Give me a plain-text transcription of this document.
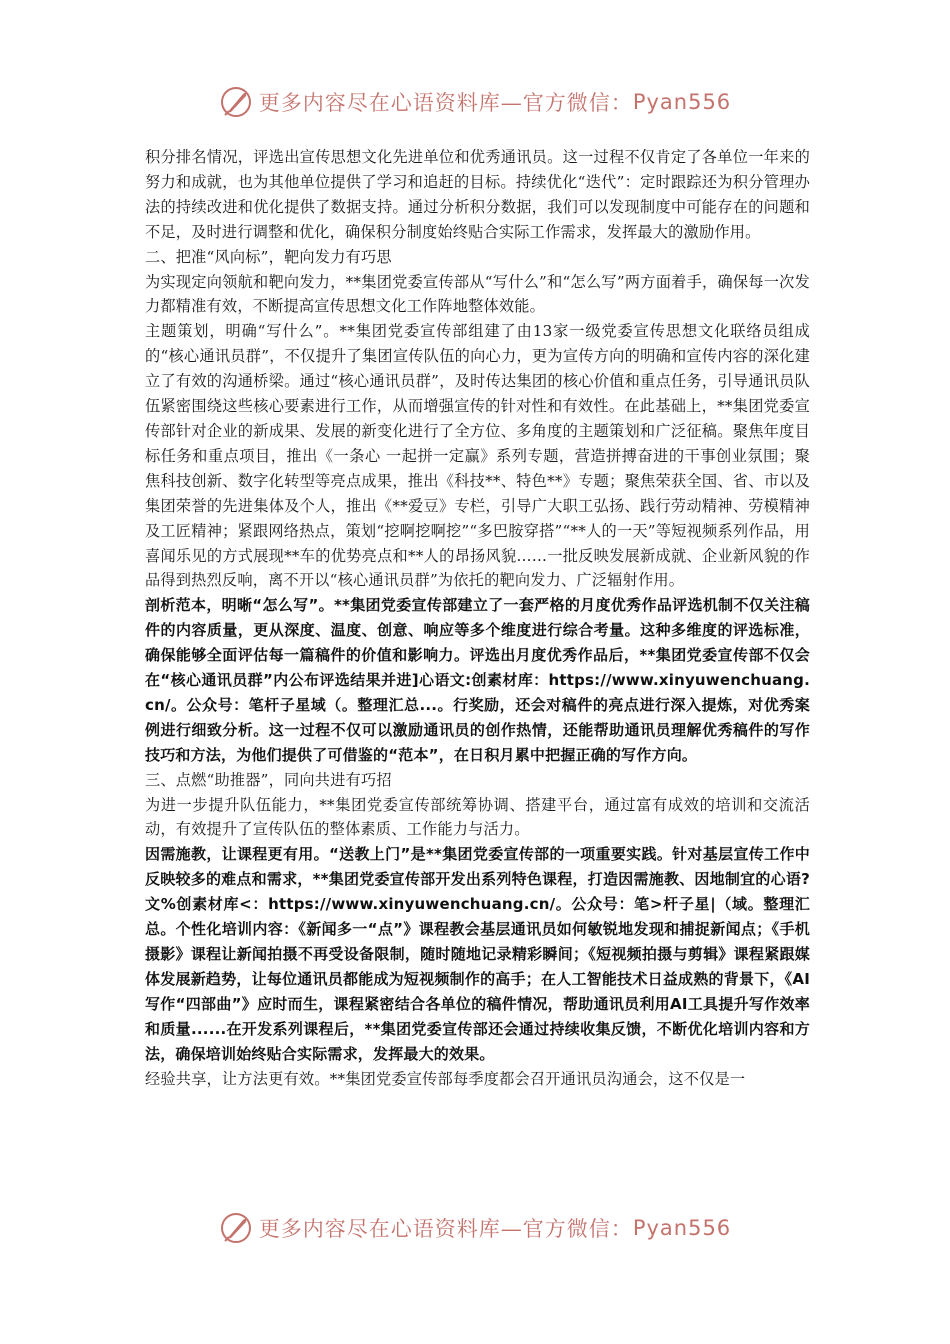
更多内容尽在心语资料库—官方微信： Pyan556

积分排名情况，评选出宣传思想文化先进单位和优秀通讯员。这一过程不仅肯定了各单位一年来的努力和成就，也为其他单位提供了学习和追赶的目标。持续优化“迭代”：定时跟踪还为积分管理办法的持续改进和优化提供了数据支持。通过分析积分数据，我们可以发现制度中可能存在的问题和不足，及时进行调整和优化，确保积分制度始终贴合实际工作需求，发挥最大的激励作用。

二、把准“风向标”，靶向发力有巧思

为实现定向领航和靶向发力，**集团党委宣传部从“写什么”和“怎么写”两方面着手，确保每一次发力都精准有效，不断提高宣传思想文化工作阵地整体效能。

主题策划，明确“写什么”。**集团党委宣传部组建了由13家一级党委宣传思想文化联络员组成的“核心通讯员群”，不仅提升了集团宣传队伍的向心力，更为宣传方向的明确和宣传内容的深化建立了有效的沟通桥梁。通过“核心通讯员群”，及时传达集团的核心价值和重点任务，引导通讯员队伍紧密围绕这些核心要素进行工作，从而增强宣传的针对性和有效性。在此基础上，**集团党委宣传部针对企业的新成果、发展的新变化进行了全方位、多角度的主题策划和广泛征稿。聚焦年度目标任务和重点项目，推出《一条心 一起拼一定赢》系列专题，营造拼搏奋进的干事创业氛围；聚焦科技创新、数字化转型等亮点成果，推出《科技**、特色**》专题；聚焦荣获全国、省、市以及集团荣誉的先进集体及个人，推出《**爱豆》专栏，引导广大职工弘扬、践行劳动精神、劳模精神及工匠精神；紧跟网络热点，策划“挖啊挖啊挖”“多巴胺穿搭”“**人的一天”等短视频系列作品，用喜闻乐见的方式展现**车的优势亮点和**人的昂扬风貌……一批反映发展新成就、企业新风貌的作品得到热烈反响，离不开以“核心通讯员群”为依托的靶向发力、广泛辐射作用。

剖析范本，明晰“怎么写”。**集团党委宣传部建立了一套严格的月度优秀作品评选机制不仅关注稿件的内容质量，更从深度、温度、创意、响应等多个维度进行综合考量。这种多维度的评选标准，确保能够全面评估每一篇稿件的价值和影响力。评选出月度优秀作品后，**集团党委宣传部不仅会在“核心通讯员群”内公布评选结果并进]心语文:创素材库：https://www.xinyuwenchuang.cn/。公众号：笔杆子星域（。整理汇总...。行奖励，还会对稿件的亮点进行深入提炼，对优秀案例进行细致分析。这一过程不仅可以激励通讯员的创作热情，还能帮助通讯员理解优秀稿件的写作技巧和方法，为他们提供了可借鉴的“范本”，在日积月累中把握正确的写作方向。

三、点燃“助推器”，同向共进有巧招

为进一步提升队伍能力，**集团党委宣传部统筹协调、搭建平台，通过富有成效的培训和交流活动，有效提升了宣传队伍的整体素质、工作能力与活力。

因需施教，让课程更有用。“送教上门”是**集团党委宣传部的一项重要实践。针对基层宣传工作中反映较多的难点和需求，**集团党委宣传部开发出系列特色课程，打造因需施教、因地制宜的心语?文%创素材库<：https://www.xinyuwenchuang.cn/。公众号：笔>杆子星|（域。整理汇总。个性化培训内容：《新闻多一“点”》课程教会基层通讯员如何敏锐地发现和捕捉新闻点；《手机摄影》课程让新闻拍摄不再受设备限制，随时随地记录精彩瞬间；《短视频拍摄与剪辑》课程紧跟媒体发展新趋势，让每位通讯员都能成为短视频制作的高手；在人工智能技术日益成熟的背景下，《AI写作“四部曲”》应时而生，课程紧密结合各单位的稿件情况，帮助通讯员利用AI工具提升写作效率和质量......在开发系列课程后，**集团党委宣传部还会通过持续收集反馈，不断优化培训内容和方法，确保培训始终贴合实际需求，发挥最大的效果。

经验共享，让方法更有效。**集团党委宣传部每季度都会召开通讯员沟通会，这不仅是一

更多内容尽在心语资料库—官方微信： Pyan556
